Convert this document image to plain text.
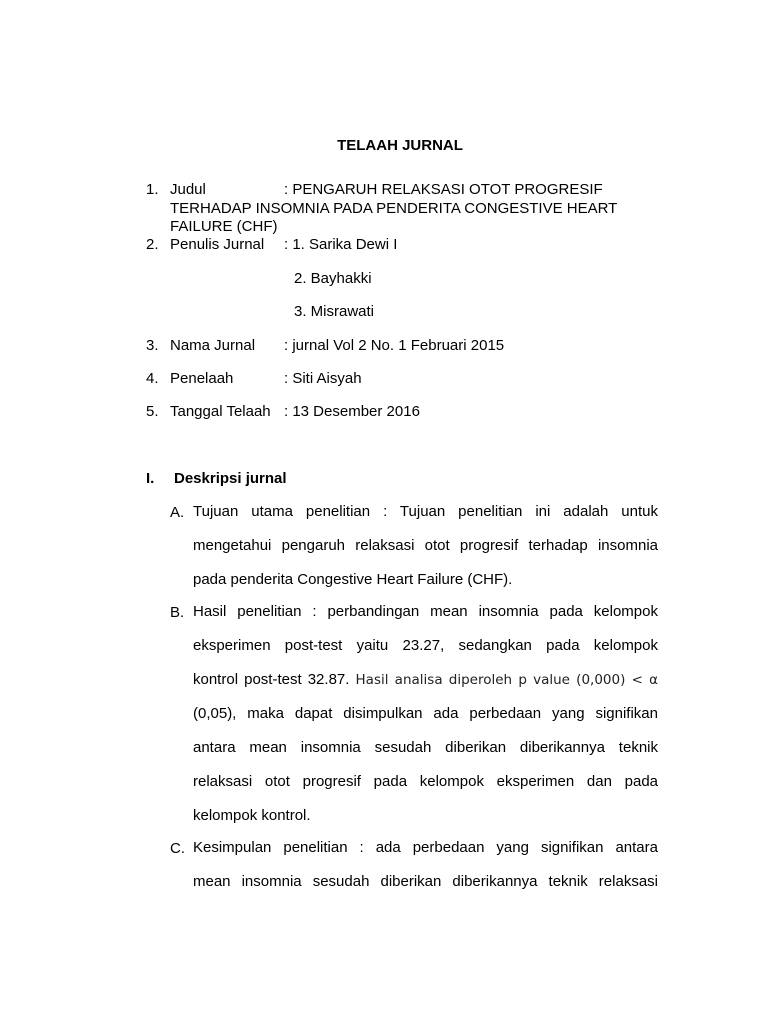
TELAAH JURNAL
1. Judul	: PENGARUH RELAKSASI OTOT PROGRESIF
TERHADAP INSOMNIA PADA PENDERITA CONGESTIVE HEART
FAILURE (CHF)
2. Penulis Jurnal : 1. Sarika Dewi I
2. Bayhakki
3. Misrawati
3. Nama Jurnal : jurnal Vol 2 No. 1 Februari 2015
4. Penelaah	: Siti Aisyah
5. Tanggal Telaah : 13 Desember 2016
I. Deskripsi jurnal
A. Tujuan utama penelitian : Tujuan penelitian ini adalah untuk
mengetahui pengaruh relaksasi otot progresif terhadap insomnia
pada penderita Congestive Heart Failure (CHF).
B. Hasil penelitian : perbandingan mean insomnia pada kelompok
eksperimen post-test yaitu 23.27, sedangkan pada kelompok
kontrol post-test 32.87. Hasil analisa diperoleh p value (0,000) < α
(0,05), maka dapat disimpulkan ada perbedaan yang signifikan
antara mean insomnia sesudah diberikan diberikannya teknik
relaksasi otot progresif pada kelompok eksperimen dan pada
kelompok kontrol.
C. Kesimpulan penelitian : ada perbedaan yang signifikan antara
mean insomnia sesudah diberikan diberikannya teknik relaksasi
